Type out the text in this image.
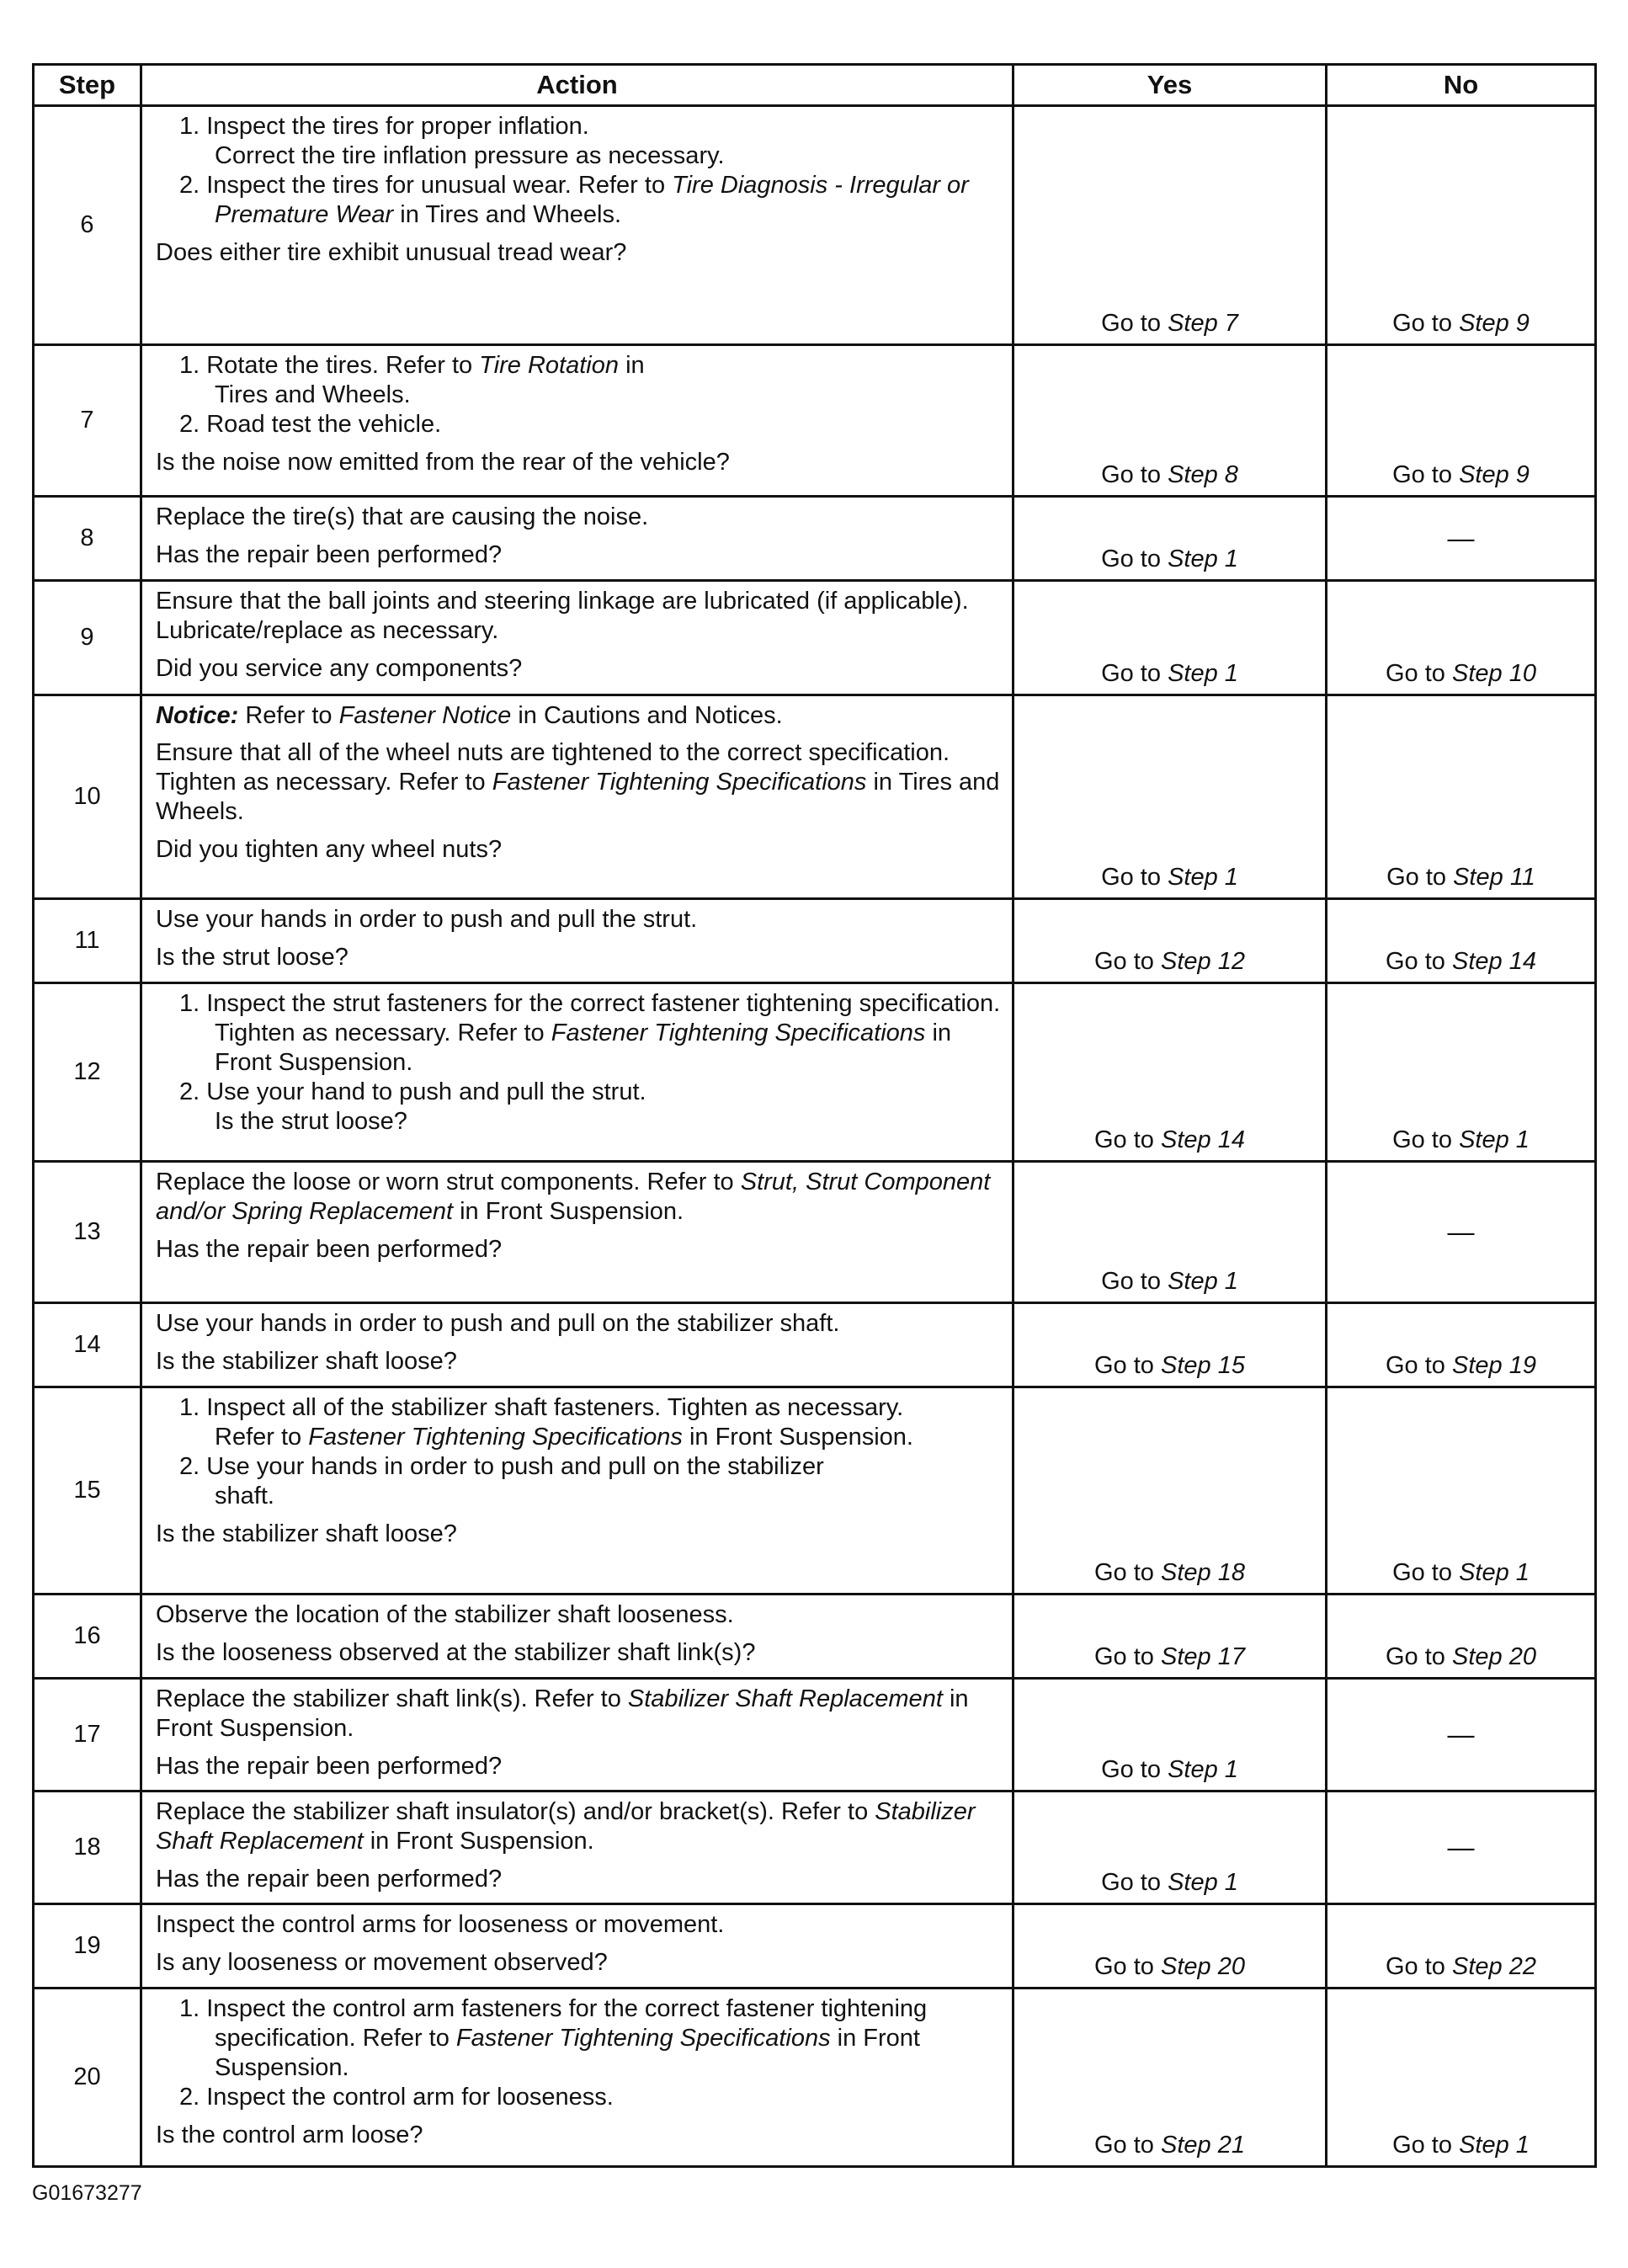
Step	Action	Yes	No
6	1. Inspect the tires for proper inflation.

Correct the tire inflation pressure as necessary.

2. Inspect the tires for unusual wear. Refer to Tire Diagnosis - Irregular or Premature Wear in Tires and Wheels.

Does either tire exhibit unusual tread wear?	Go to Step 7	Go to Step 9
7	1. Rotate the tires. Refer to Tire Rotation in Tires and Wheels.

2. Road test the vehicle.

Is the noise now emitted from the rear of the vehicle?	Go to Step 8	Go to Step 9
8	Replace the tire(s) that are causing the noise.

Has the repair been performed?	Go to Step 1	—
9	Ensure that the ball joints and steering linkage are lubricated (if applicable). Lubricate/replace as necessary.

Did you service any components?	Go to Step 1	Go to Step 10
10	Notice: Refer to Fastener Notice in Cautions and Notices.

Ensure that all of the wheel nuts are tightened to the correct specification. Tighten as necessary. Refer to Fastener Tightening Specifications in Tires and Wheels.

Did you tighten any wheel nuts?	Go to Step 1	Go to Step 11
11	Use your hands in order to push and pull the strut.

Is the strut loose?	Go to Step 12	Go to Step 14
12	1. Inspect the strut fasteners for the correct fastener tightening specification. Tighten as necessary. Refer to Fastener Tightening Specifications in Front Suspension.

2. Use your hand to push and pull the strut.

Is the strut loose?	Go to Step 14	Go to Step 1
13	Replace the loose or worn strut components. Refer to Strut, Strut Component and/or Spring Replacement in Front Suspension.

Has the repair been performed?	Go to Step 1	—
14	Use your hands in order to push and pull on the stabilizer shaft.

Is the stabilizer shaft loose?	Go to Step 15	Go to Step 19
15	1. Inspect all of the stabilizer shaft fasteners. Tighten as necessary. Refer to Fastener Tightening Specifications in Front Suspension.

2. Use your hands in order to push and pull on the stabilizer shaft.

Is the stabilizer shaft loose?	Go to Step 18	Go to Step 1
16	Observe the location of the stabilizer shaft looseness.

Is the looseness observed at the stabilizer shaft link(s)?	Go to Step 17	Go to Step 20
17	Replace the stabilizer shaft link(s). Refer to Stabilizer Shaft Replacement in Front Suspension.

Has the repair been performed?	Go to Step 1	—
18	Replace the stabilizer shaft insulator(s) and/or bracket(s). Refer to Stabilizer Shaft Replacement in Front Suspension.

Has the repair been performed?	Go to Step 1	—
19	Inspect the control arms for looseness or movement.

Is any looseness or movement observed?	Go to Step 20	Go to Step 22
20	1. Inspect the control arm fasteners for the correct fastener tightening specification. Refer to Fastener Tightening Specifications in Front Suspension.

2. Inspect the control arm for looseness.

Is the control arm loose?	Go to Step 21	Go to Step 1
G01673277
